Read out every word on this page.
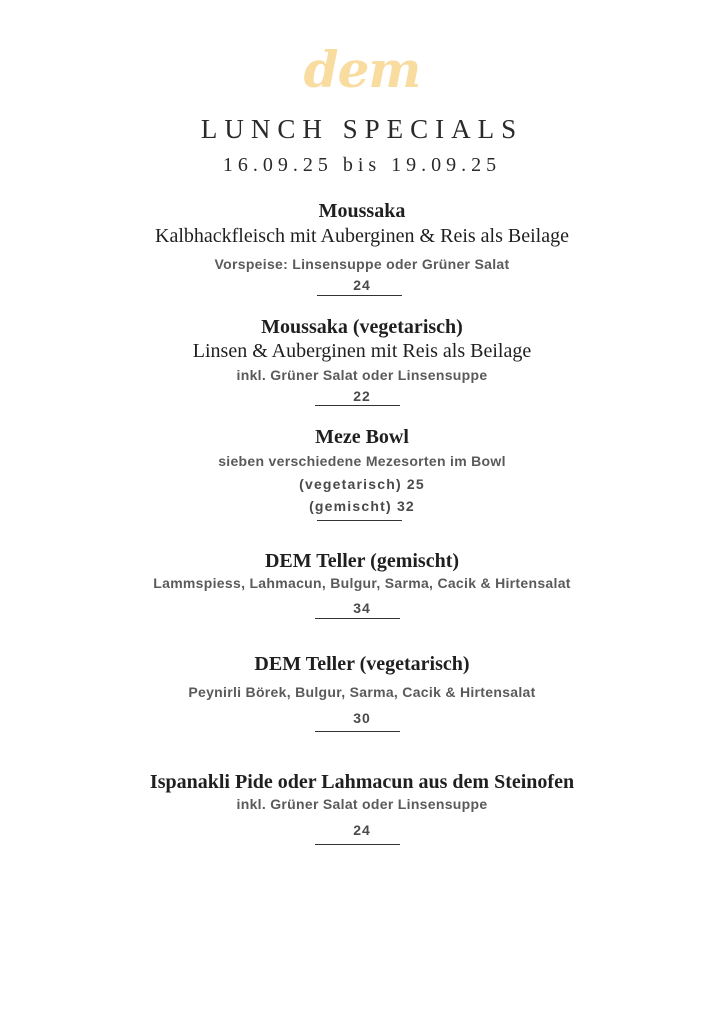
dem
LUNCH SPECIALS
16.09.25 bis 19.09.25
Moussaka
Kalbhackfleisch mit Auberginen & Reis als Beilage
Vorspeise: Linsensuppe oder Grüner Salat
24
Moussaka (vegetarisch)
Linsen & Auberginen mit Reis als Beilage
inkl. Grüner Salat oder Linsensuppe
22
Meze Bowl
sieben verschiedene Mezesorten im Bowl
(vegetarisch) 25
(gemischt) 32
DEM Teller (gemischt)
Lammspiess, Lahmacun, Bulgur, Sarma, Cacik & Hirtensalat
34
DEM Teller (vegetarisch)
Peynirli Börek, Bulgur, Sarma, Cacik & Hirtensalat
30
Ispanakli Pide oder Lahmacun aus dem Steinofen
inkl. Grüner Salat oder Linsensuppe
24
